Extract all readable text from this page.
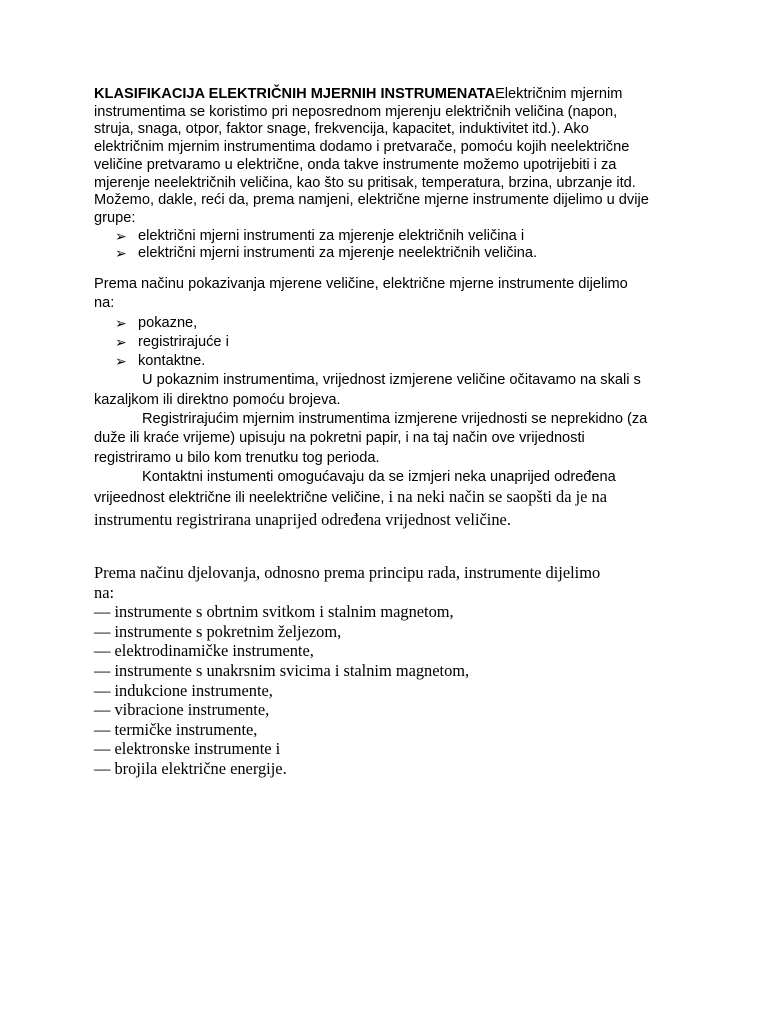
KLASIFIKACIJA ELEKTRIČNIH MJERNIH INSTRUMENATAElektričnim mjernim
instrumentima se koristimo pri neposrednom mjerenju električnih veličina (napon,
struja, snaga, otpor, faktor snage, frekvencija, kapacitet, induktivitet itd.). Ako
električnim mjernim instrumentima dodamo i pretvarače, pomoću kojih neelektrične
veličine pretvaramo u električne, onda takve instrumente možemo upotrijebiti i za
mjerenje neelektričnih veličina, kao što su pritisak, temperatura, brzina, ubrzanje itd.
Možemo, dakle, reći da, prema namjeni, električne mjerne instrumente dijelimo u dvije
grupe:
➢ električni mjerni instrumenti za mjerenje električnih veličina i
➢ električni mjerni instrumenti za mjerenje neelektričnih veličina.
Prema načinu pokazivanja mjerene veličine, električne mjerne instrumente dijelimo
na:
➢ pokazne,
➢ registrirajuće i
➢ kontaktne.
U pokaznim instrumentima, vrijednost izmjerene veličine očitavamo na skali s
kazaljkom ili direktno pomoću brojeva.
Registrirajućim mjernim instrumentima izmjerene vrijednosti se neprekidno (za
duže ili kraće vrijeme) upisuju na pokretni papir, i na taj način ove vrijednosti
registriramo u bilo kom trenutku tog perioda.
Kontaktni instumenti omogućavaju da se izmjeri neka unaprijed određena
vrijeednost električne ili neelektrične veličine, i na neki način se saopšti da je na
instrumentu registrirana unaprijed određena vrijednost veličine.
Prema načinu djelovanja, odnosno prema principu rada, instrumente dijelimo
na:
— instrumente s obrtnim svitkom i stalnim magnetom,
— instrumente s pokretnim željezom,
— elektrodinamičke instrumente,
— instrumente s unakrsnim svicima i stalnim magnetom,
— indukcione instrumente,
— vibracione instrumente,
— termičke instrumente,
— elektronske instrumente i
— brojila električne energije.
